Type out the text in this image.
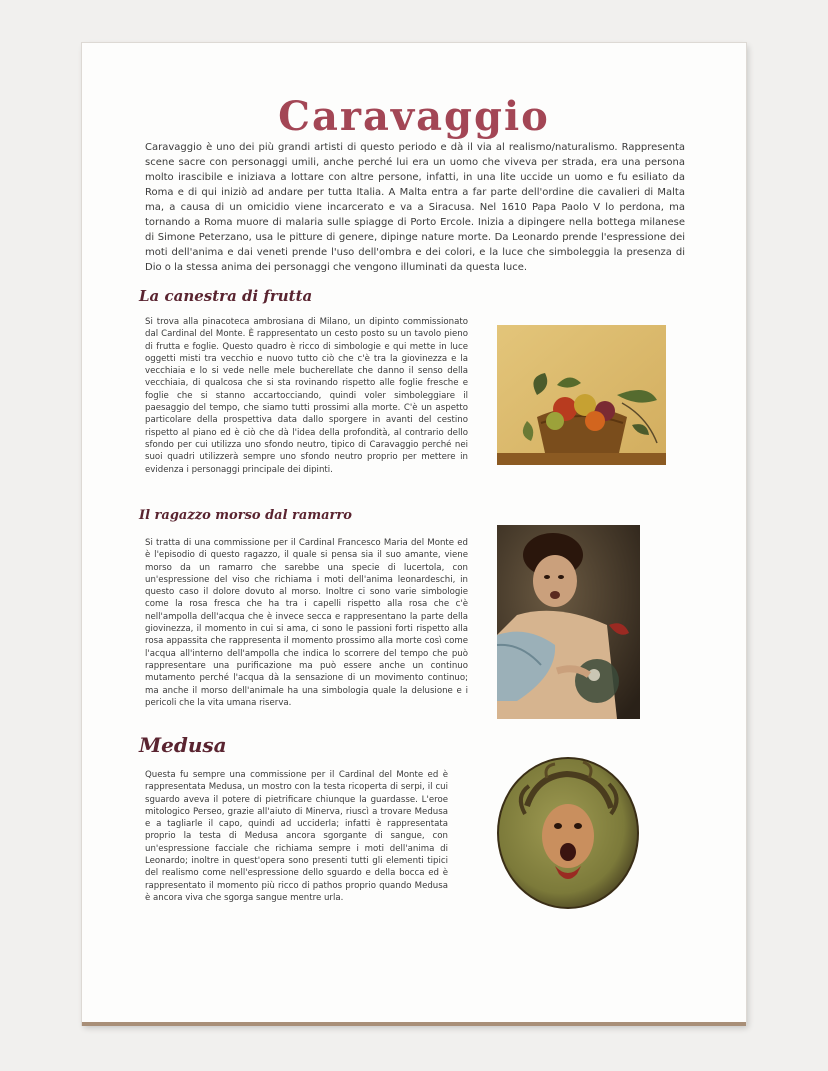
Caravaggio
Caravaggio è uno dei più grandi artisti di questo periodo e dà il via al realismo/naturalismo. Rappresenta scene sacre con personaggi umili, anche perché lui era un uomo che viveva per strada, era una persona molto irascibile e iniziava a lottare con altre persone, infatti, in una lite uccide un uomo e fu esiliato da Roma e di qui iniziò ad andare per tutta Italia. A Malta entra a far parte dell'ordine die cavalieri di Malta ma, a causa di un omicidio viene incarcerato e va a Siracusa. Nel 1610 Papa Paolo V lo perdona, ma tornando a Roma muore di malaria sulle spiagge di Porto Ercole. Inizia a dipingere nella bottega milanese di Simone Peterzano, usa le pitture di genere, dipinge nature morte. Da Leonardo prende l'espressione dei moti dell'anima e dai veneti prende l'uso dell'ombra e dei colori, e la luce che simboleggia la presenza di Dio o la stessa anima dei personaggi che vengono illuminati da questa luce.
La canestra di frutta
Si trova alla pinacoteca ambrosiana di Milano, un dipinto commissionato dal Cardinal del Monte. È rappresentato un cesto posto su un tavolo pieno di frutta e foglie. Questo quadro è ricco di simbologie e qui mette in luce oggetti misti tra vecchio e nuovo tutto ciò che c'è tra la giovinezza e la vecchiaia e lo si vede nelle mele bucherellate che danno il senso della vecchiaia, di qualcosa che si sta rovinando rispetto alle foglie fresche e foglie che si stanno accartocciando, quindi voler simboleggiare il paesaggio del tempo, che siamo tutti prossimi alla morte. C'è un aspetto particolare della prospettiva data dallo sporgere in avanti del cestino rispetto al piano ed è ciò che dà l'idea della profondità, al contrario dello sfondo per cui utilizza uno sfondo neutro, tipico di Caravaggio perché nei suoi quadri utilizzerà sempre uno sfondo neutro proprio per mettere in evidenza i personaggi principale dei dipinti.
Il ragazzo morso dal ramarro
Si tratta di una commissione per il Cardinal Francesco Maria del Monte ed è l'episodio di questo ragazzo, il quale si pensa sia il suo amante, viene morso da un ramarro che sarebbe una specie di lucertola, con un'espressione del viso che richiama i moti dell'anima leonardeschi, in questo caso il dolore dovuto al morso. Inoltre ci sono varie simbologie come la rosa fresca che ha tra i capelli rispetto alla rosa che c'è nell'ampolla dell'acqua che è invece secca e rappresentano la parte della giovinezza, il momento in cui si ama, ci sono le passioni forti rispetto alla rosa appassita che rappresenta il momento prossimo alla morte così come l'acqua all'interno dell'ampolla che indica lo scorrere del tempo che può rappresentare una purificazione ma può essere anche un continuo mutamento perché l'acqua dà la sensazione di un movimento continuo; ma anche il morso dell'animale ha una simbologia quale la delusione e i pericoli che la vita umana riserva.
Medusa
Questa fu sempre una commissione per il Cardinal del Monte ed è rappresentata Medusa, un mostro con la testa ricoperta di serpi, il cui sguardo aveva il potere di pietrificare chiunque la guardasse. L'eroe mitologico Perseo, grazie all'aiuto di Minerva, riuscì a trovare Medusa e a tagliarle il capo, quindi ad ucciderla; infatti è rappresentata proprio la testa di Medusa ancora sgorgante di sangue, con un'espressione facciale che richiama sempre i moti dell'anima di Leonardo; inoltre in quest'opera sono presenti tutti gli elementi tipici del realismo come nell'espressione dello sguardo e della bocca ed è rappresentato il momento più ricco di pathos proprio quando Medusa è ancora viva che sgorga sangue mentre urla.
